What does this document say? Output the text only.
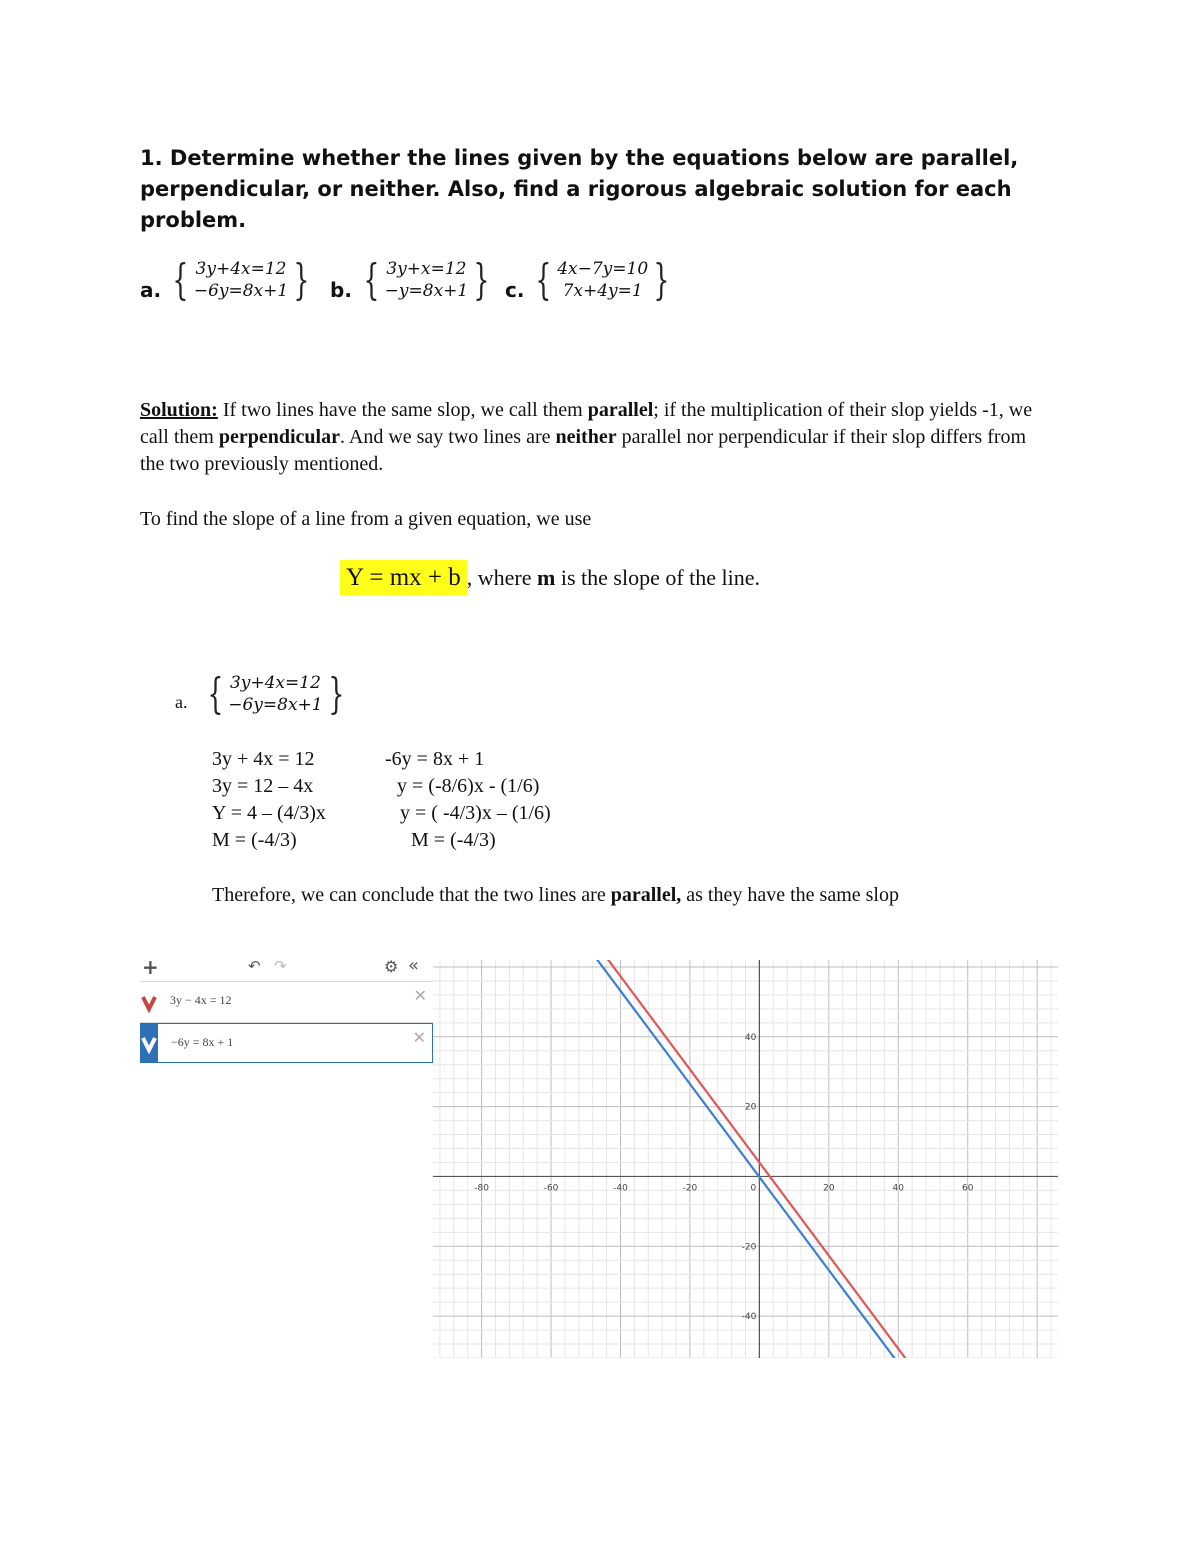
1. Determine whether the lines given by the equations below are parallel, perpendicular, or neither. Also, find a rigorous algebraic solution for each problem.
a. { 3y+4x=12
−6y=8x+1 } b. { 3y+x=12
−y=8x+1 } c. { 4x−7y=10
7x+4y=1 }
Solution: If two lines have the same slop, we call them parallel; if the multiplication of their slop yields -1, we call them perpendicular. And we say two lines are neither parallel nor perpendicular if their slop differs from the two previously mentioned.
To find the slope of a line from a given equation, we use
Y = mx + b , where m is the slope of the line.
a. { 3y+4x=12
−6y=8x+1 }
3y + 4x = 12
3y = 12 – 4x
Y = 4 – (4/3)x
M = (-4/3)
-6y = 8x + 1
y = (-8/6)x - (1/6)
y = ( -4/3)x – (1/6)
M = (-4/3)
Therefore, we can conclude that the two lines are parallel, as they have the same slop
+	↶ ↷	⚙ «
3y − 4x = 12	✕
−6y = 8x + 1	✕
-80	-60	-40	-20	0	20	40	60
40
20
-20
-40
